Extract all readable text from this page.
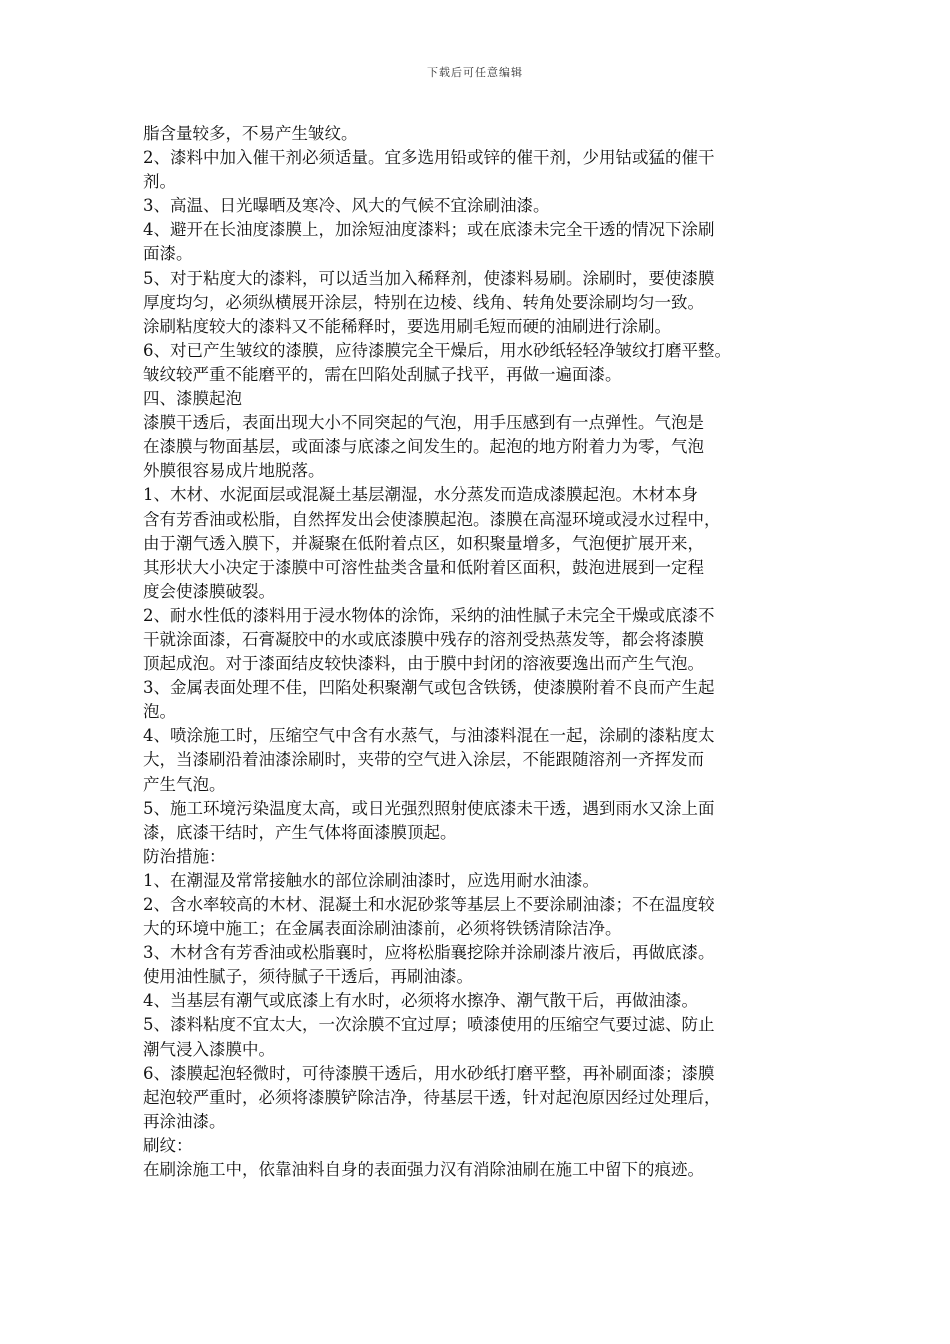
下载后可任意编辑
脂含量较多，不易产生皱纹。
2、漆料中加入催干剂必须适量。宜多选用铅或锌的催干剂，少用钴或猛的催干
剂。
3、高温、日光曝晒及寒冷、风大的气候不宜涂刷油漆。
4、避开在长油度漆膜上，加涂短油度漆料；或在底漆未完全干透的情况下涂刷
面漆。
5、对于粘度大的漆料，可以适当加入稀释剂，使漆料易刷。涂刷时，要使漆膜
厚度均匀，必须纵横展开涂层，特别在边棱、线角、转角处要涂刷均匀一致。
涂刷粘度较大的漆料又不能稀释时，要选用刷毛短而硬的油刷进行涂刷。
6、对已产生皱纹的漆膜，应待漆膜完全干燥后，用水砂纸轻轻净皱纹打磨平整。
皱纹较严重不能磨平的，需在凹陷处刮腻子找平，再做一遍面漆。
四、漆膜起泡
漆膜干透后，表面出现大小不同突起的气泡，用手压感到有一点弹性。气泡是
在漆膜与物面基层，或面漆与底漆之间发生的。起泡的地方附着力为零，气泡
外膜很容易成片地脱落。
1、木材、水泥面层或混凝土基层潮湿，水分蒸发而造成漆膜起泡。木材本身
含有芳香油或松脂，自然挥发出会使漆膜起泡。漆膜在高湿环境或浸水过程中，
由于潮气透入膜下，并凝聚在低附着点区，如积聚量增多，气泡便扩展开来，
其形状大小决定于漆膜中可溶性盐类含量和低附着区面积，鼓泡进展到一定程
度会使漆膜破裂。
2、耐水性低的漆料用于浸水物体的涂饰，采纳的油性腻子未完全干燥或底漆不
干就涂面漆，石膏凝胶中的水或底漆膜中残存的溶剂受热蒸发等，都会将漆膜
顶起成泡。对于漆面结皮较快漆料，由于膜中封闭的溶液要逸出而产生气泡。
3、金属表面处理不佳，凹陷处积聚潮气或包含铁锈，使漆膜附着不良而产生起
泡。
4、喷涂施工时，压缩空气中含有水蒸气，与油漆料混在一起，涂刷的漆粘度太
大，当漆刷沿着油漆涂刷时，夹带的空气进入涂层，不能跟随溶剂一齐挥发而
产生气泡。
5、施工环境污染温度太高，或日光强烈照射使底漆未干透，遇到雨水又涂上面
漆，底漆干结时，产生气体将面漆膜顶起。
防治措施：
1、在潮湿及常常接触水的部位涂刷油漆时，应选用耐水油漆。
2、含水率较高的木材、混凝土和水泥砂浆等基层上不要涂刷油漆；不在温度较
大的环境中施工；在金属表面涂刷油漆前，必须将铁锈清除洁净。
3、木材含有芳香油或松脂襄时，应将松脂襄挖除并涂刷漆片液后，再做底漆。
使用油性腻子，须待腻子干透后，再刷油漆。
4、当基层有潮气或底漆上有水时，必须将水擦净、潮气散干后，再做油漆。
5、漆料粘度不宜太大，一次涂膜不宜过厚；喷漆使用的压缩空气要过滤、防止
潮气浸入漆膜中。
6、漆膜起泡轻微时，可待漆膜干透后，用水砂纸打磨平整，再补刷面漆；漆膜
起泡较严重时，必须将漆膜铲除洁净，待基层干透，针对起泡原因经过处理后，
再涂油漆。
刷纹：
在刷涂施工中，依靠油料自身的表面强力汉有消除油刷在施工中留下的痕迹。
